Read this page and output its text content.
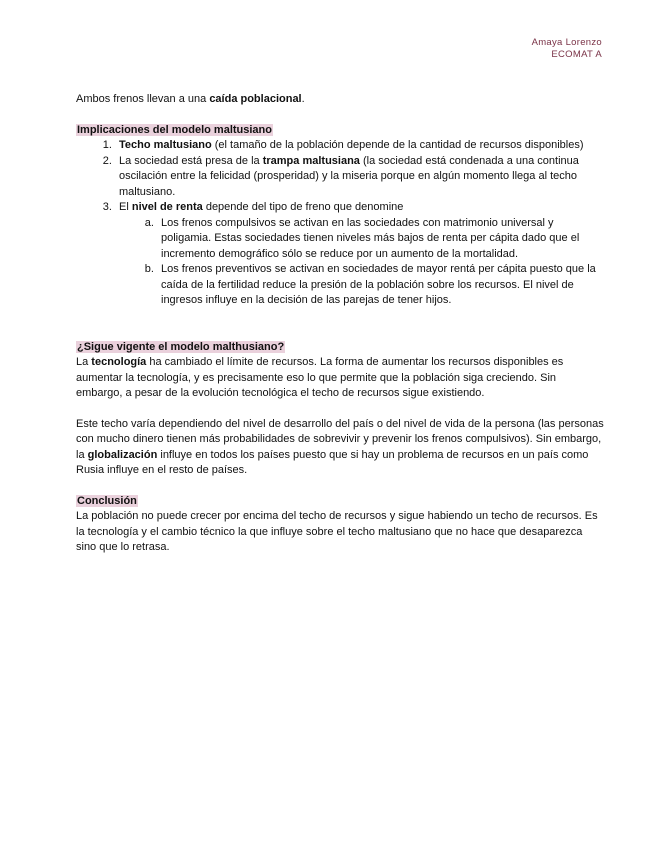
Amaya Lorenzo
ECOMAT A

Ambos frenos llevan a una caída poblacional.

Implicaciones del modelo maltusiano

1. Techo maltusiano (el tamaño de la población depende de la cantidad de recursos disponibles)
2. La sociedad está presa de la trampa maltusiana (la sociedad está condenada a una continua oscilación entre la felicidad (prosperidad) y la miseria porque en algún momento llega al techo maltusiano.
3. El nivel de renta depende del tipo de freno que denomine
a. Los frenos compulsivos se activan en las sociedades con matrimonio universal y poligamia. Estas sociedades tienen niveles más bajos de renta per cápita dado que el incremento demográfico sólo se reduce por un aumento de la mortalidad.
b. Los frenos preventivos se activan en sociedades de mayor rentá per cápita puesto que la caída de la fertilidad reduce la presión de la población sobre los recursos. El nivel de ingresos influye en la decisión de las parejas de tener hijos.

¿Sigue vigente el modelo malthusiano?

La tecnología ha cambiado el límite de recursos. La forma de aumentar los recursos disponibles es aumentar la tecnología, y es precisamente eso lo que permite que la población siga creciendo. Sin embargo, a pesar de la evolución tecnológica el techo de recursos sigue existiendo.

Este techo varía dependiendo del nivel de desarrollo del país o del nivel de vida de la persona (las personas con mucho dinero tienen más probabilidades de sobrevivir y prevenir los frenos compulsivos). Sin embargo, la globalización influye en todos los países puesto que si hay un problema de recursos en un país como Rusia influye en el resto de países.

Conclusión

La población no puede crecer por encima del techo de recursos y sigue habiendo un techo de recursos. Es la tecnología y el cambio técnico la que influye sobre el techo maltusiano que no hace que desaparezca sino que lo retrasa.
